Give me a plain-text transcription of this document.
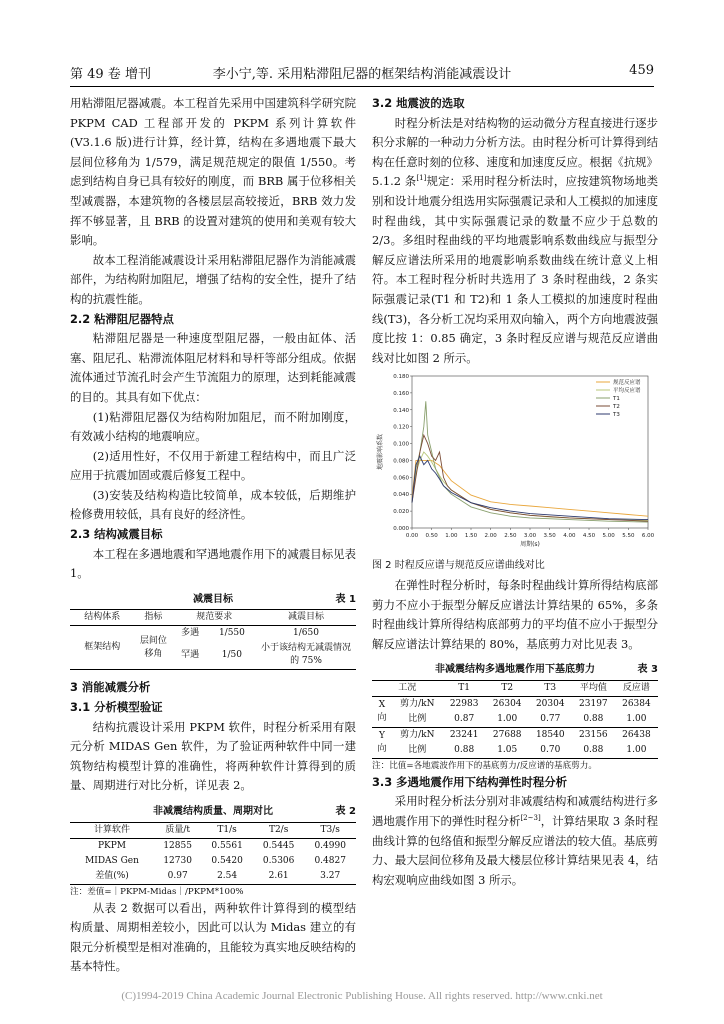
第 49 卷 增刊	李小宁,等. 采用粘滞阻尼器的框架结构消能减震设计	459

用粘滞阻尼器减震。本工程首先采用中国建筑科学研究院 PKPM CAD 工程部开发的 PKPM 系列计算软件(V3.1.6 版)进行计算，经计算，结构在多遇地震下最大层间位移角为 1/579，满足规范规定的限值 1/550。考虑到结构自身已具有较好的刚度，而 BRB 属于位移相关型减震器，本建筑物的各楼层层高较接近，BRB 效力发挥不够显著，且 BRB 的设置对建筑的使用和美观有较大影响。

故本工程消能减震设计采用粘滞阻尼器作为消能减震部件，为结构附加阻尼，增强了结构的安全性，提升了结构的抗震性能。

2.2 粘滞阻尼器特点

粘滞阻尼器是一种速度型阻尼器，一般由缸体、活塞、阻尼孔、粘滞流体阻尼材料和导杆等部分组成。依据流体通过节流孔时会产生节流阻力的原理，达到耗能减震的目的。其具有如下优点：

(1)粘滞阻尼器仅为结构附加阻尼，而不附加刚度，有效减小结构的地震响应。

(2)适用性好，不仅用于新建工程结构中，而且广泛应用于抗震加固或震后修复工程中。

(3)安装及结构构造比较简单，成本较低，后期维护检修费用较低，具有良好的经济性。

2.3 结构减震目标

本工程在多遇地震和罕遇地震作用下的减震目标见表 1。

减震目标	表 1
结构体系	指标	规范要求		减震目标
框架结构	层间位移角	多遇	1/550	1/650
		罕遇	1/50	小于该结构无减震情况的 75%

3 消能减震分析

3.1 分析模型验证

结构抗震设计采用 PKPM 软件，时程分析采用有限元分析 MIDAS Gen 软件，为了验证两种软件中同一建筑物结构模型计算的准确性，将两种软件计算得到的质量、周期进行对比分析，详见表 2。

非减震结构质量、周期对比	表 2
计算软件	质量/t	T1/s	T2/s	T3/s
PKPM	12855	0.5561	0.5445	0.4990
MIDAS Gen	12730	0.5420	0.5306	0.4827
差值(%)	0.97	2.54	2.61	3.27

注：差值=｜PKPM-Midas｜/PKPM*100%

从表 2 数据可以看出，两种软件计算得到的模型结构质量、周期相差较小，因此可以认为 Midas 建立的有限元分析模型是相对准确的，且能较为真实地反映结构的基本特性。

3.2 地震波的选取

时程分析法是对结构物的运动微分方程直接进行逐步积分求解的一种动力分析方法。由时程分析可计算得到结构在任意时刻的位移、速度和加速度反应。根据《抗规》5.1.2 条[1]规定：采用时程分析法时，应按建筑物场地类别和设计地震分组选用实际强震记录和人工模拟的加速度时程曲线，其中实际强震记录的数量不应少于总数的 2/3。多组时程曲线的平均地震影响系数曲线应与振型分解反应谱法所采用的地震影响系数曲线在统计意义上相符。本工程时程分析时共选用了 3 条时程曲线，2 条实际强震记录(T1 和 T2)和 1 条人工模拟的加速度时程曲线(T3)，各分析工况均采用双向输入，两个方向地震波强度比按 1：0.85 确定，3 条时程反应谱与规范反应谱曲线对比如图 2 所示。

0.000
0.020
0.040
0.060
0.080
0.100
0.120
0.140
0.160
0.180
0.00 0.50 1.00 1.50 2.00 2.50 3.00 3.50 4.00 4.50 5.00 5.50 6.00
周期(s)
地震影响系数
规范反应谱
平均反应谱
T1
T2
T3

图 2 时程反应谱与规范反应谱曲线对比

在弹性时程分析时，每条时程曲线计算所得结构底部剪力不应小于振型分解反应谱法计算结果的 65%，多条时程曲线计算所得结构底部剪力的平均值不应小于振型分解反应谱法计算结果的 80%，基底剪力对比见表 3。

非减震结构多遇地震作用下基底剪力	表 3
工况		T1	T2	T3	平均值	反应谱
X 向	剪力/kN	22983	26304	20304	23197	26384
	比例	0.87	1.00	0.77	0.88	1.00
Y 向	剪力/kN	23241	27688	18540	23156	26438
	比例	0.88	1.05	0.70	0.88	1.00

注：比值=各地震波作用下的基底剪力/反应谱的基底剪力。

3.3 多遇地震作用下结构弹性时程分析

采用时程分析法分别对非减震结构和减震结构进行多遇地震作用下的弹性时程分析[2~3]，计算结果取 3 条时程曲线计算的包络值和振型分解反应谱法的较大值。基底剪力、最大层间位移角及最大楼层位移计算结果见表 4，结构宏观响应曲线如图 3 所示。

(C)1994-2019 China Academic Journal Electronic Publishing House. All rights reserved. http://www.cnki.net
